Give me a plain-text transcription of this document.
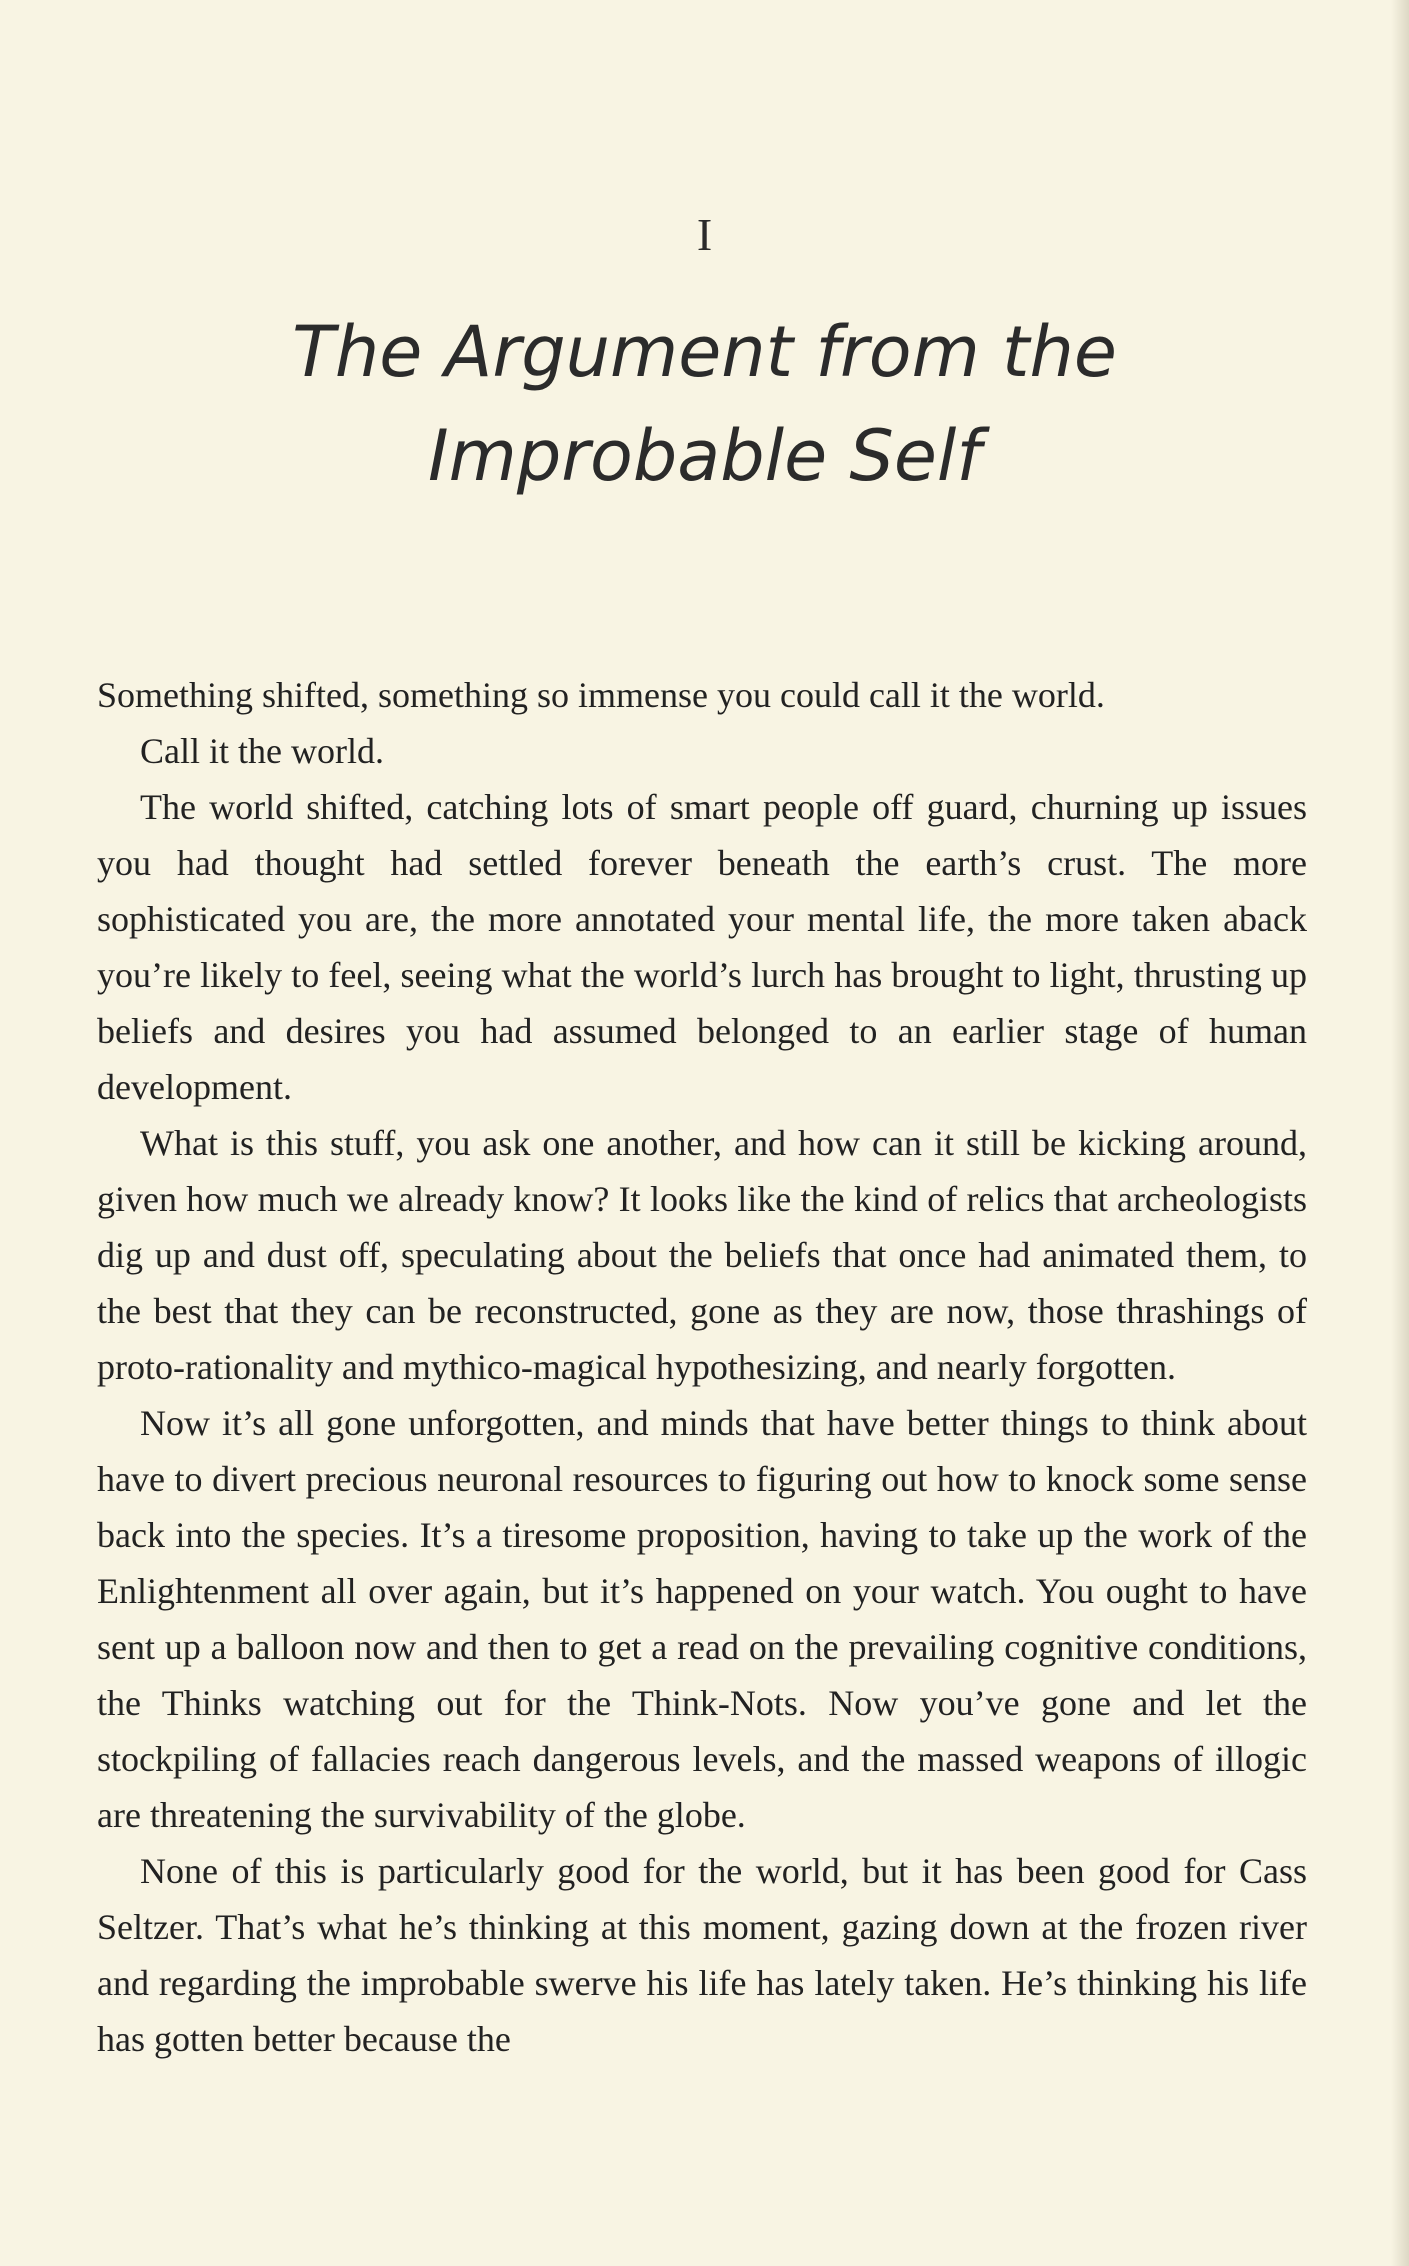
I
The Argument from the
Improbable Self

Something shifted, something so immense you could call it the world.

Call it the world.

The world shifted, catching lots of smart people off guard, churning up issues you had thought had settled forever beneath the earth’s crust. The more sophisticated you are, the more annotated your mental life, the more taken aback you’re likely to feel, seeing what the world’s lurch has brought to light, thrusting up beliefs and desires you had assumed belonged to an earlier stage of human development.

What is this stuff, you ask one another, and how can it still be kicking around, given how much we already know? It looks like the kind of relics that archeologists dig up and dust off, speculating about the beliefs that once had animated them, to the best that they can be reconstructed, gone as they are now, those thrashings of proto-rationality and mythico-magical hypothesizing, and nearly forgotten.

Now it’s all gone unforgotten, and minds that have better things to think about have to divert precious neuronal resources to figuring out how to knock some sense back into the species. It’s a tiresome proposition, having to take up the work of the Enlightenment all over again, but it’s happened on your watch. You ought to have sent up a balloon now and then to get a read on the prevailing cognitive conditions, the Thinks watching out for the Think-Nots. Now you’ve gone and let the stockpiling of fallacies reach dangerous levels, and the massed weapons of illogic are threatening the survivability of the globe.

None of this is particularly good for the world, but it has been good for Cass Seltzer. That’s what he’s thinking at this moment, gazing down at the frozen river and regarding the improbable swerve his life has lately taken. He’s thinking his life has gotten better because the
